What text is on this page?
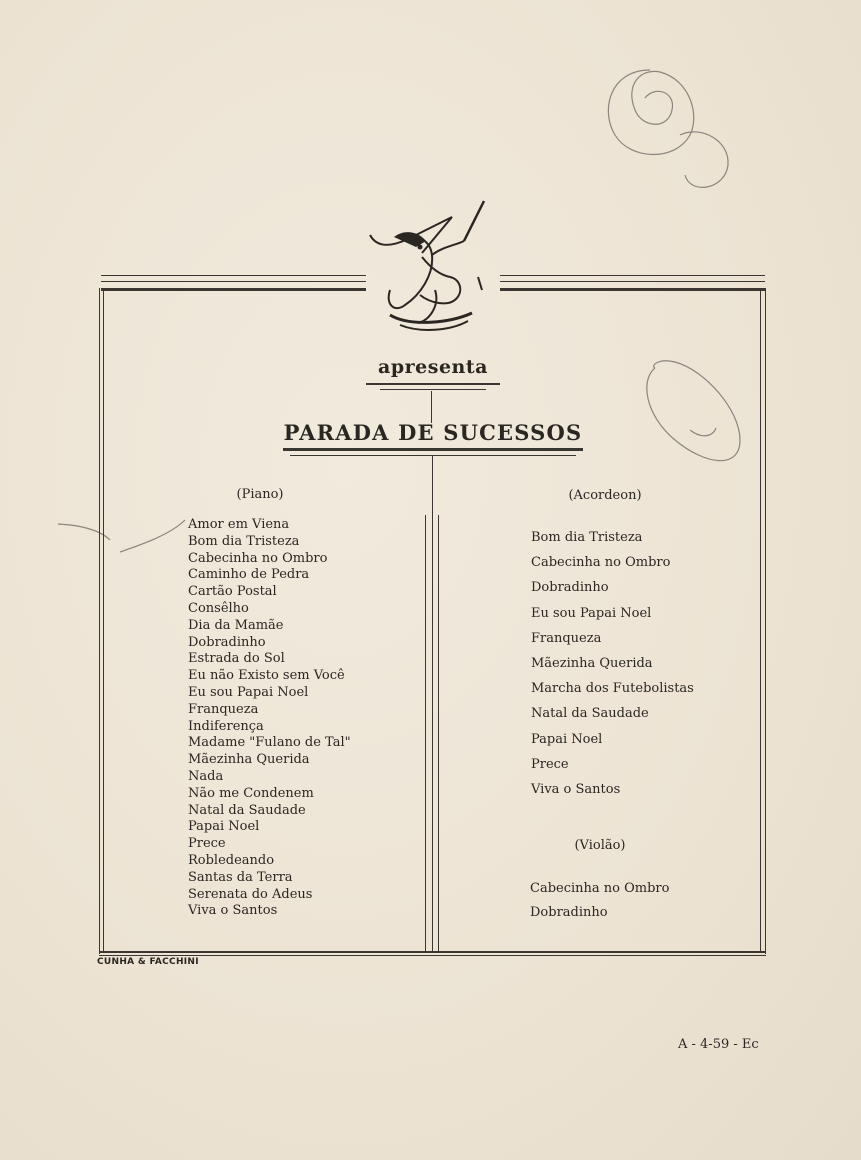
apresenta
PARADA DE SUCESSOS
(Piano)
Amor em Viena
Bom dia Tristeza
Cabecinha no Ombro
Caminho de Pedra
Cartão Postal
Consêlho
Dia da Mamãe
Dobradinho
Estrada do Sol
Eu não Existo sem Você
Eu sou Papai Noel
Franqueza
Indiferença
Madame "Fulano de Tal"
Mãezinha Querida
Nada
Não me Condenem
Natal da Saudade
Papai Noel
Prece
Robledeando
Santas da Terra
Serenata do Adeus
Viva o Santos
(Acordeon)
Bom dia Tristeza
Cabecinha no Ombro
Dobradinho
Eu sou Papai Noel
Franqueza
Mãezinha Querida
Marcha dos Futebolistas
Natal da Saudade
Papai Noel
Prece
Viva o Santos
(Violão)
Cabecinha no Ombro
Dobradinho
CUNHA & FACCHINI
A - 4-59 - Ec
